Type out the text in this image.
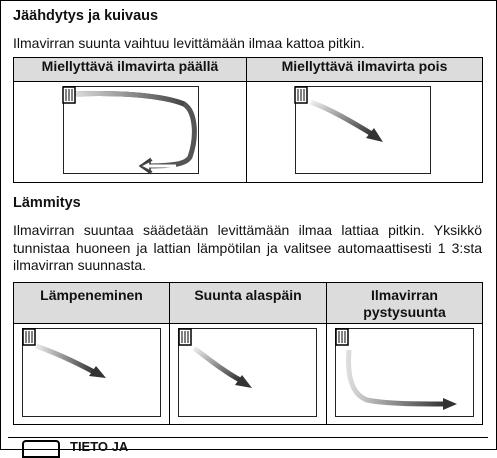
Jäähdytys ja kuivaus
Ilmavirran suunta vaihtuu levittämään ilmaa kattoa pitkin.
Miellyttävä ilmavirta päällä	Miellyttävä ilmavirta pois

Lämmitys
Ilmavirran suuntaa säädetään levittämään ilmaa lattiaa pitkin. Yksikkö tunnistaa huoneen ja lattian lämpötilan ja valitsee automaattisesti 1 3:sta ilmavirran suunnasta.
Lämpeneminen	Suunta alaspäin	Ilmavirran pystysuunta

TIETO JA
